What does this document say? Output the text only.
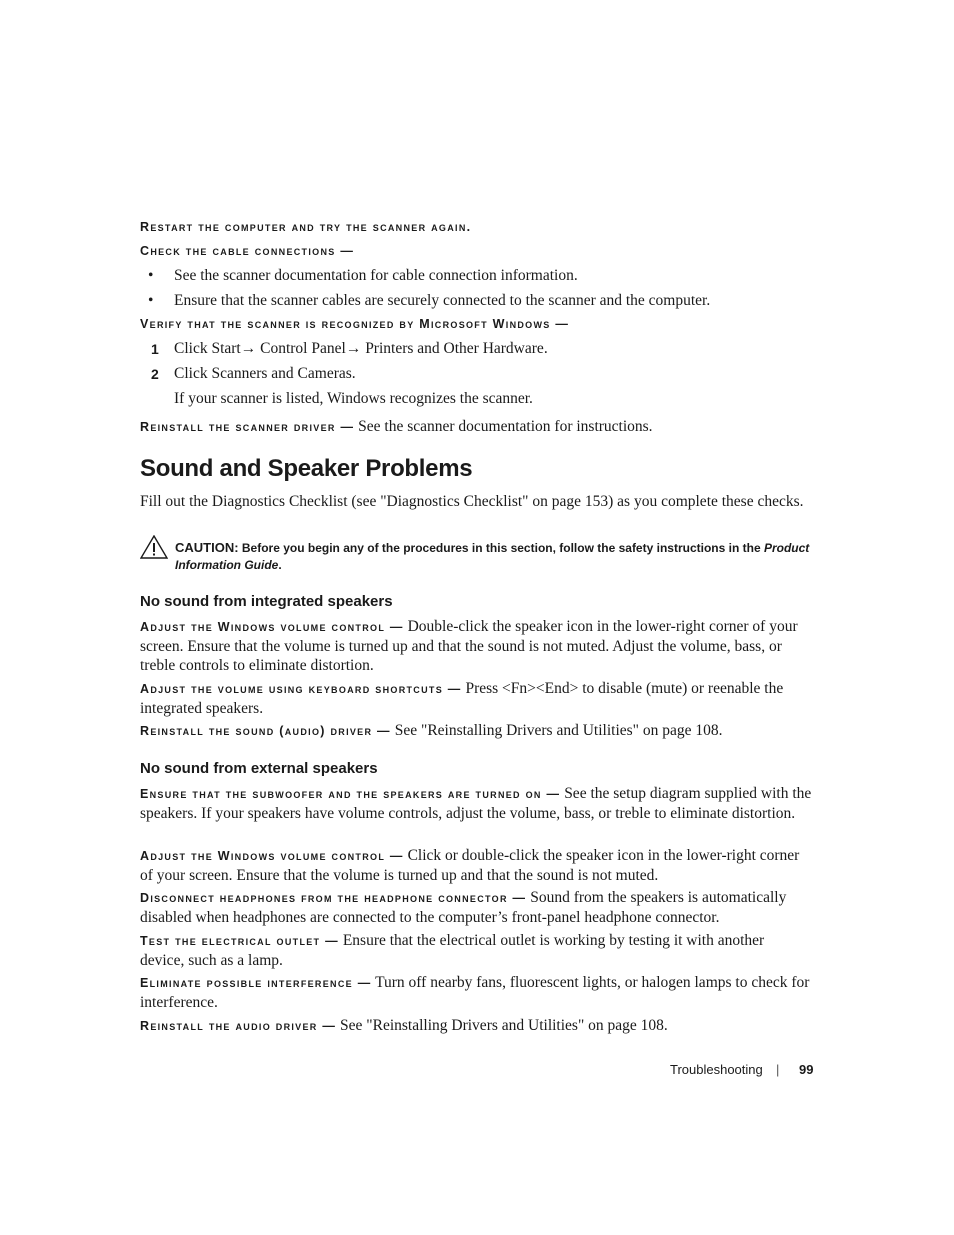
Restart the computer and try the scanner again.
Check the cable connections —
• See the scanner documentation for cable connection information.
• Ensure that the scanner cables are securely connected to the scanner and the computer.
Verify that the scanner is recognized by Microsoft Windows —
1 Click Start→ Control Panel→ Printers and Other Hardware.
2 Click Scanners and Cameras.
If your scanner is listed, Windows recognizes the scanner.
Reinstall the scanner driver — See the scanner documentation for instructions.
Sound and Speaker Problems
Fill out the Diagnostics Checklist (see "Diagnostics Checklist" on page 153) as you complete these checks.
CAUTION: Before you begin any of the procedures in this section, follow the safety instructions in the Product Information Guide.
No sound from integrated speakers
Adjust the Windows volume control — Double-click the speaker icon in the lower-right corner of your screen. Ensure that the volume is turned up and that the sound is not muted. Adjust the volume, bass, or treble controls to eliminate distortion.
Adjust the volume using keyboard shortcuts — Press <Fn><End> to disable (mute) or reenable the integrated speakers.
Reinstall the sound (audio) driver — See "Reinstalling Drivers and Utilities" on page 108.
No sound from external speakers
Ensure that the subwoofer and the speakers are turned on — See the setup diagram supplied with the speakers. If your speakers have volume controls, adjust the volume, bass, or treble to eliminate distortion.
Adjust the Windows volume control — Click or double-click the speaker icon in the lower-right corner of your screen. Ensure that the volume is turned up and that the sound is not muted.
Disconnect headphones from the headphone connector — Sound from the speakers is automatically disabled when headphones are connected to the computer’s front-panel headphone connector.
Test the electrical outlet — Ensure that the electrical outlet is working by testing it with another device, such as a lamp.
Eliminate possible interference — Turn off nearby fans, fluorescent lights, or halogen lamps to check for interference.
Reinstall the audio driver — See "Reinstalling Drivers and Utilities" on page 108.
Troubleshooting | 99
